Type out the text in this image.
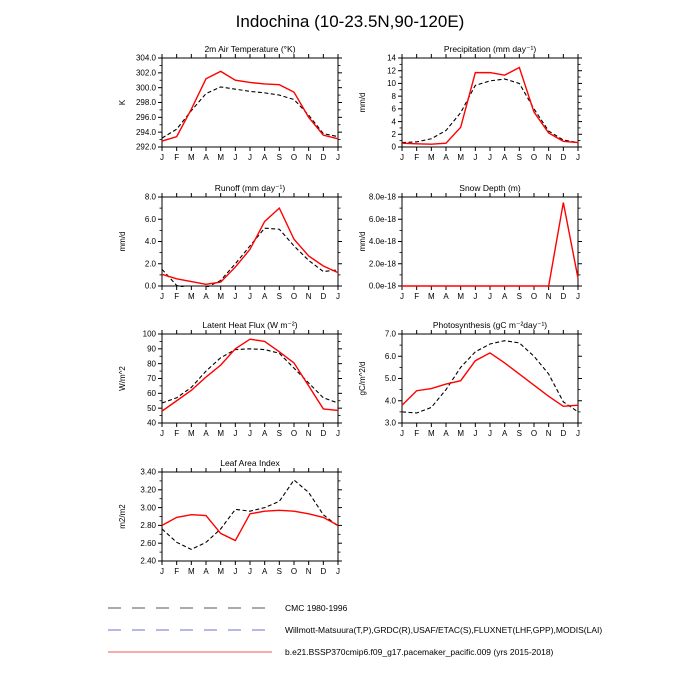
Indochina (10-23.5N,90-120E)
2m Air Temperature (°K)
K
292.0
294.0
296.0
298.0
300.0
302.0
304.0
J F M A M J J A S O N D J
Precipitation (mm day⁻¹)
mm/d
0
2
4
6
8
10
12
14
J F M A M J J A S O N D J
Runoff (mm day⁻¹)
mm/d
0.0
2.0
4.0
6.0
8.0
J F M A M J J A S O N D J
Snow Depth (m)
mm/d
0.0e-18
2.0e-18
4.0e-18
6.0e-18
8.0e-18
J F M A M J J A S O N D J
Latent Heat Flux (W m⁻²)
W/m^2
40
50
60
70
80
90
100
J F M A M J J A S O N D J
Photosynthesis (gC m⁻²day⁻¹)
gC/m^2/d
3.0
4.0
5.0
6.0
7.0
J F M A M J J A S O N D J
Leaf Area Index
m2/m2
2.40
2.60
2.80
3.00
3.20
3.40
J F M A M J J A S O N D J
CMC 1980-1996
Willmott-Matsuura(T,P),GRDC(R),USAF/ETAC(S),FLUXNET(LHF,GPP),MODIS(LAI)
b.e21.BSSP370cmip6.f09_g17.pacemaker_pacific.009 (yrs 2015-2018)
